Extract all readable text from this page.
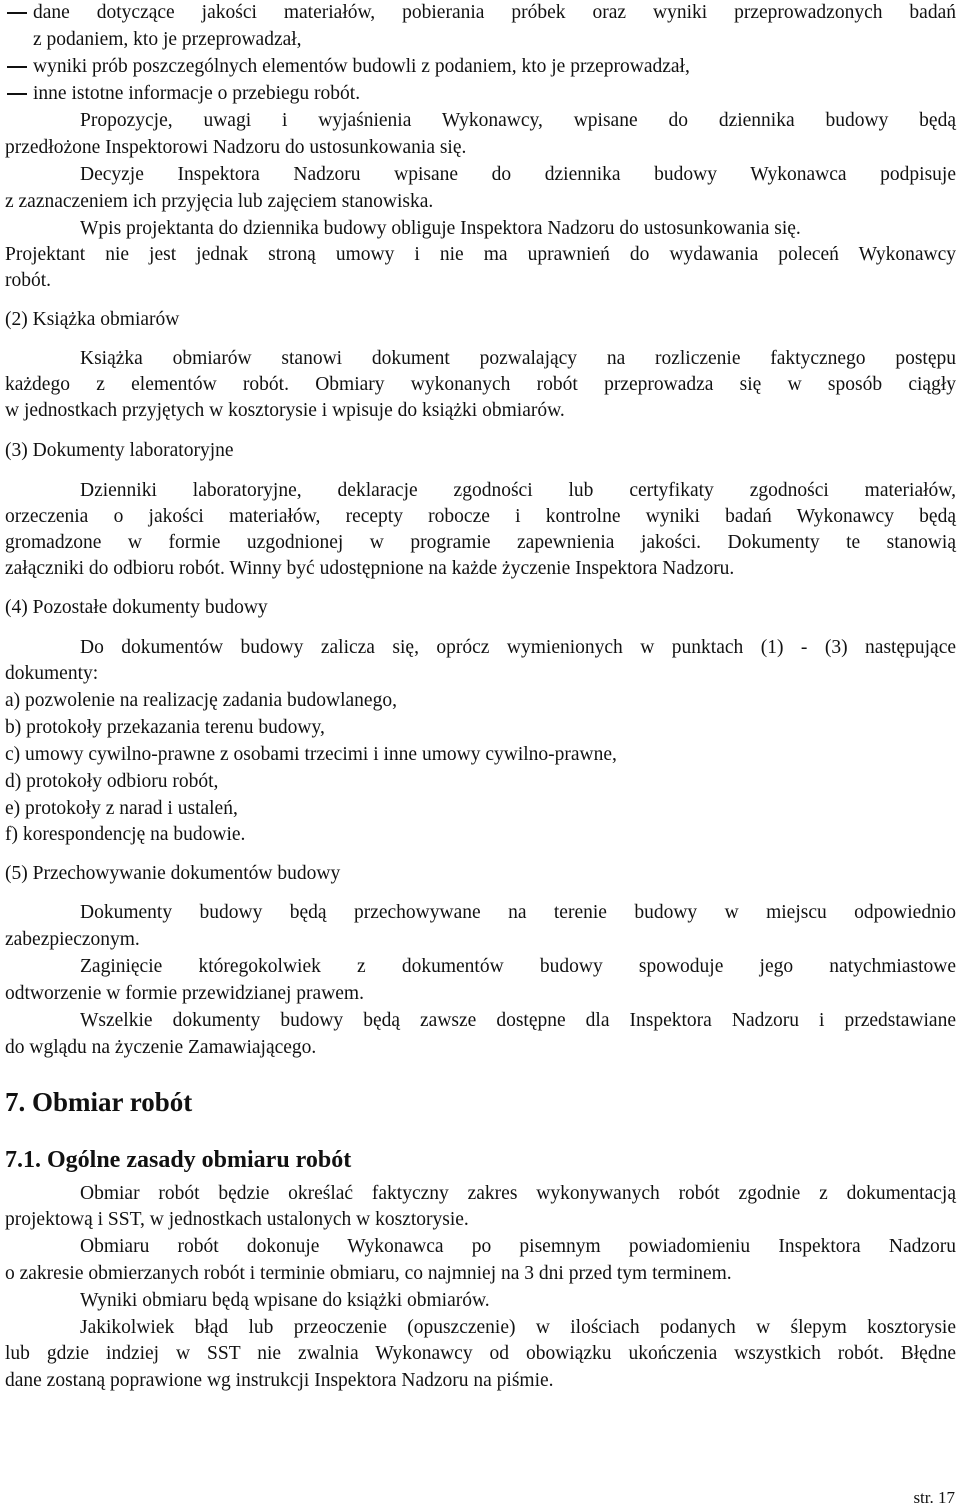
dane dotyczące jakości materiałów, pobierania próbek oraz wyniki przeprowadzonych badań
z podaniem, kto je przeprowadzał,
wyniki prób poszczególnych elementów budowli z podaniem, kto je przeprowadzał,
inne istotne informacje o przebiegu robót.
Propozycje, uwagi i wyjaśnienia Wykonawcy, wpisane do dziennika budowy będą
przedłożone Inspektorowi Nadzoru do ustosunkowania się.
Decyzje Inspektora Nadzoru wpisane do dziennika budowy Wykonawca podpisuje
z zaznaczeniem ich przyjęcia lub zajęciem stanowiska.
Wpis projektanta do dziennika budowy obliguje Inspektora Nadzoru do ustosunkowania się.
Projektant nie jest jednak stroną umowy i nie ma uprawnień do wydawania poleceń Wykonawcy
robót.
(2) Książka obmiarów
Książka obmiarów stanowi dokument pozwalający na rozliczenie faktycznego postępu
każdego z elementów robót. Obmiary wykonanych robót przeprowadza się w sposób ciągły
w jednostkach przyjętych w kosztorysie i wpisuje do książki obmiarów.
(3) Dokumenty laboratoryjne
Dzienniki laboratoryjne, deklaracje zgodności lub certyfikaty zgodności materiałów,
orzeczenia o jakości materiałów, recepty robocze i kontrolne wyniki badań Wykonawcy będą
gromadzone w formie uzgodnionej w programie zapewnienia jakości. Dokumenty te stanowią
załączniki do odbioru robót. Winny być udostępnione na każde życzenie Inspektora Nadzoru.
(4) Pozostałe dokumenty budowy
Do dokumentów budowy zalicza się, oprócz wymienionych w punktach (1) - (3) następujące
dokumenty:
a) pozwolenie na realizację zadania budowlanego,
b) protokoły przekazania terenu budowy,
c) umowy cywilno-prawne z osobami trzecimi i inne umowy cywilno-prawne,
d) protokoły odbioru robót,
e) protokoły z narad i ustaleń,
f) korespondencję na budowie.
(5) Przechowywanie dokumentów budowy
Dokumenty budowy będą przechowywane na terenie budowy w miejscu odpowiednio
zabezpieczonym.
Zaginięcie któregokolwiek z dokumentów budowy spowoduje jego natychmiastowe
odtworzenie w formie przewidzianej prawem.
Wszelkie dokumenty budowy będą zawsze dostępne dla Inspektora Nadzoru i przedstawiane
do wglądu na życzenie Zamawiającego.
7. Obmiar robót
7.1. Ogólne zasady obmiaru robót
Obmiar robót będzie określać faktyczny zakres wykonywanych robót zgodnie z dokumentacją
projektową i SST, w jednostkach ustalonych w kosztorysie.
Obmiaru robót dokonuje Wykonawca po pisemnym powiadomieniu Inspektora Nadzoru
o zakresie obmierzanych robót i terminie obmiaru, co najmniej na 3 dni przed tym terminem.
Wyniki obmiaru będą wpisane do książki obmiarów.
Jakikolwiek błąd lub przeoczenie (opuszczenie) w ilościach podanych w ślepym kosztorysie
lub gdzie indziej w SST nie zwalnia Wykonawcy od obowiązku ukończenia wszystkich robót. Błędne
dane zostaną poprawione wg instrukcji Inspektora Nadzoru na piśmie.
str. 17
